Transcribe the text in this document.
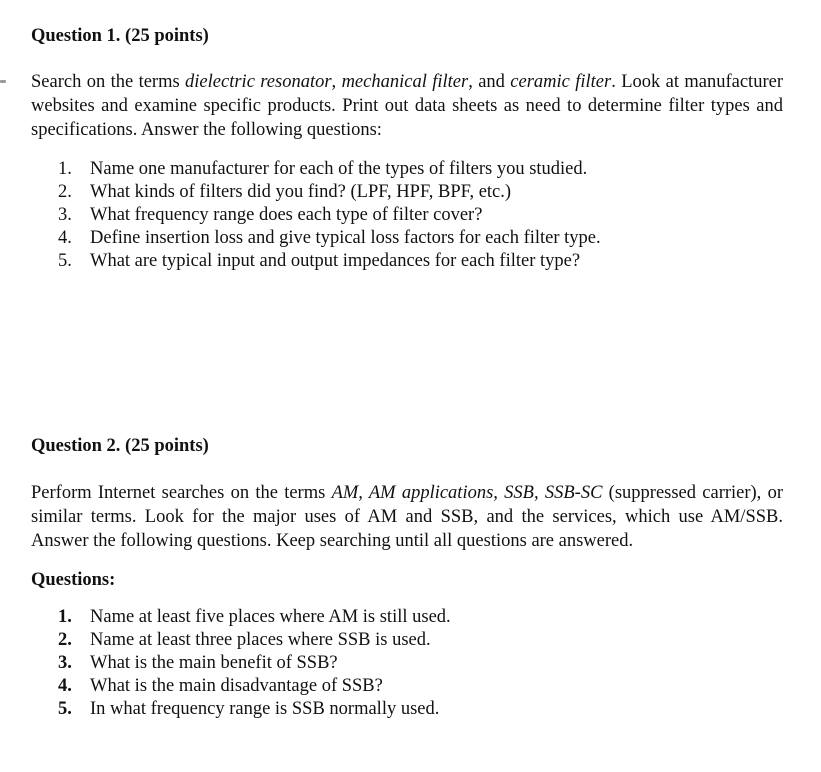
Question 1. (25 points)

Search on the terms dielectric resonator, mechanical filter, and ceramic filter. Look at manufacturer websites and examine specific products. Print out data sheets as need to determine filter types and specifications. Answer the following questions:

1. Name one manufacturer for each of the types of filters you studied.
2. What kinds of filters did you find? (LPF, HPF, BPF, etc.)
3. What frequency range does each type of filter cover?
4. Define insertion loss and give typical loss factors for each filter type.
5. What are typical input and output impedances for each filter type?
Question 2. (25 points)

Perform Internet searches on the terms AM, AM applications, SSB, SSB-SC (suppressed carrier), or similar terms. Look for the major uses of AM and SSB, and the services, which use AM/SSB. Answer the following questions. Keep searching until all questions are answered.

Questions:
1. Name at least five places where AM is still used.
2. Name at least three places where SSB is used.
3. What is the main benefit of SSB?
4. What is the main disadvantage of SSB?
5. In what frequency range is SSB normally used.
